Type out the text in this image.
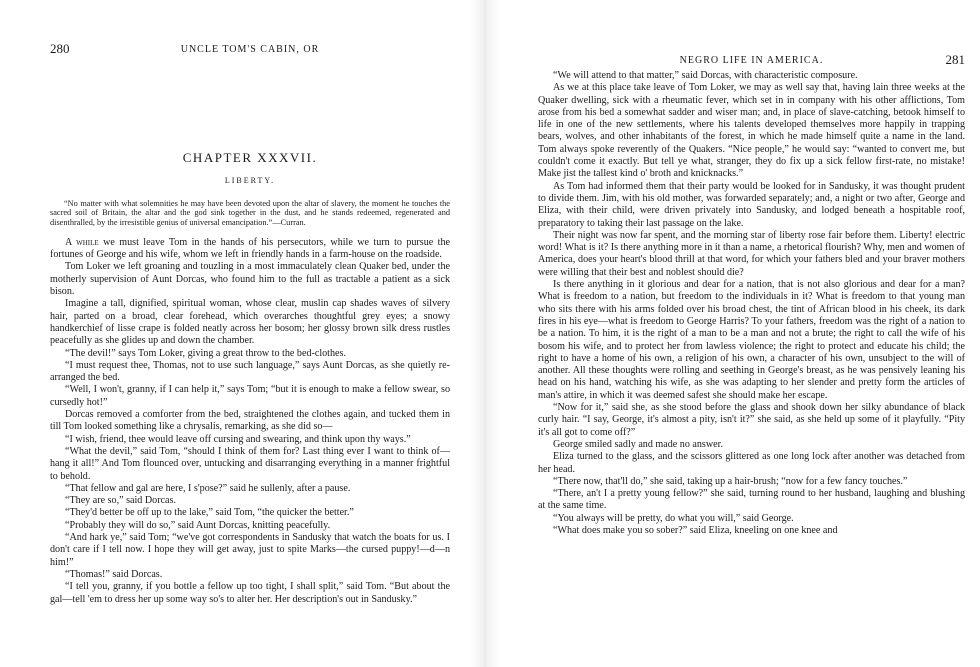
280	UNCLE TOM'S CABIN, OR
CHAPTER XXXVII.
LIBERTY.
“No matter with what solemnities he may have been devoted upon the altar of slavery, the moment he touches the sacred soil of Britain, the altar and the god sink together in the dust, and he stands redeemed, regenerated and disenthralled, by the irresistible genius of universal emancipation.”—Curran.

A while we must leave Tom in the hands of his persecutors, while we turn to pursue the fortunes of George and his wife, whom we left in friendly hands in a farm-house on the roadside.

Tom Loker we left groaning and touzling in a most immaculately clean Quaker bed, under the motherly supervision of Aunt Dorcas, who found him to the full as tractable a patient as a sick bison.

Imagine a tall, dignified, spiritual woman, whose clear, muslin cap shades waves of silvery hair, parted on a broad, clear forehead, which overarches thoughtful grey eyes; a snowy handkerchief of lisse crape is folded neatly across her bosom; her glossy brown silk dress rustles peacefully as she glides up and down the chamber.

“The devil!” says Tom Loker, giving a great throw to the bed-clothes.

“I must request thee, Thomas, not to use such language,” says Aunt Dorcas, as she quietly re-arranged the bed.

“Well, I won't, granny, if I can help it,” says Tom; “but it is enough to make a fellow swear, so cursedly hot!”

Dorcas removed a comforter from the bed, straightened the clothes again, and tucked them in till Tom looked something like a chrysalis, remarking, as she did so—

“I wish, friend, thee would leave off cursing and swearing, and think upon thy ways.”

“What the devil,” said Tom, “should I think of them for? Last thing ever I want to think of—hang it all!” And Tom flounced over, untucking and disarranging everything in a manner frightful to behold.

“That fellow and gal are here, I s'pose?” said he sullenly, after a pause.

“They are so,” said Dorcas.

“They'd better be off up to the lake,” said Tom, “the quicker the better.”

“Probably they will do so,” said Aunt Dorcas, knitting peacefully.

“And hark ye,” said Tom; “we've got correspondents in Sandusky that watch the boats for us. I don't care if I tell now. I hope they will get away, just to spite Marks—the cursed puppy!—d—n him!”

“Thomas!” said Dorcas.

“I tell you, granny, if you bottle a fellow up too tight, I shall split,” said Tom. “But about the gal—tell 'em to dress her up some way so's to alter her. Her description's out in Sandusky.”

NEGRO LIFE IN AMERICA.	281

“We will attend to that matter,” said Dorcas, with characteristic composure.

As we at this place take leave of Tom Loker, we may as well say that, having lain three weeks at the Quaker dwelling, sick with a rheumatic fever, which set in in company with his other afflictions, Tom arose from his bed a somewhat sadder and wiser man; and, in place of slave-catching, betook himself to life in one of the new settlements, where his talents developed themselves more happily in trapping bears, wolves, and other inhabitants of the forest, in which he made himself quite a name in the land. Tom always spoke reverently of the Quakers. “Nice people,” he would say: “wanted to convert me, but couldn't come it exactly. But tell ye what, stranger, they do fix up a sick fellow first-rate, no mistake! Make jist the tallest kind o' broth and knicknacks.”

As Tom had informed them that their party would be looked for in Sandusky, it was thought prudent to divide them. Jim, with his old mother, was forwarded separately; and, a night or two after, George and Eliza, with their child, were driven privately into Sandusky, and lodged beneath a hospitable roof, preparatory to taking their last passage on the lake.

Their night was now far spent, and the morning star of liberty rose fair before them. Liberty! electric word! What is it? Is there anything more in it than a name, a rhetorical flourish? Why, men and women of America, does your heart's blood thrill at that word, for which your fathers bled and your braver mothers were willing that their best and noblest should die?

Is there anything in it glorious and dear for a nation, that is not also glorious and dear for a man? What is freedom to a nation, but freedom to the individuals in it? What is freedom to that young man who sits there with his arms folded over his broad chest, the tint of African blood in his cheek, its dark fires in his eye—what is freedom to George Harris? To your fathers, freedom was the right of a nation to be a nation. To him, it is the right of a man to be a man and not a brute; the right to call the wife of his bosom his wife, and to protect her from lawless violence; the right to protect and educate his child; the right to have a home of his own, a religion of his own, a character of his own, unsubject to the will of another. All these thoughts were rolling and seething in George's breast, as he was pensively leaning his head on his hand, watching his wife, as she was adapting to her slender and pretty form the articles of man's attire, in which it was deemed safest she should make her escape.

“Now for it,” said she, as she stood before the glass and shook down her silky abundance of black curly hair. “I say, George, it's almost a pity, isn't it?” she said, as she held up some of it playfully. “Pity it's all got to come off?”

George smiled sadly and made no answer.

Eliza turned to the glass, and the scissors glittered as one long lock after another was detached from her head.

“There now, that'll do,” she said, taking up a hair-brush; “now for a few fancy touches.”

“There, an't I a pretty young fellow?” she said, turning round to her husband, laughing and blushing at the same time.

“You always will be pretty, do what you will,” said George.

“What does make you so sober?” said Eliza, kneeling on one knee and
